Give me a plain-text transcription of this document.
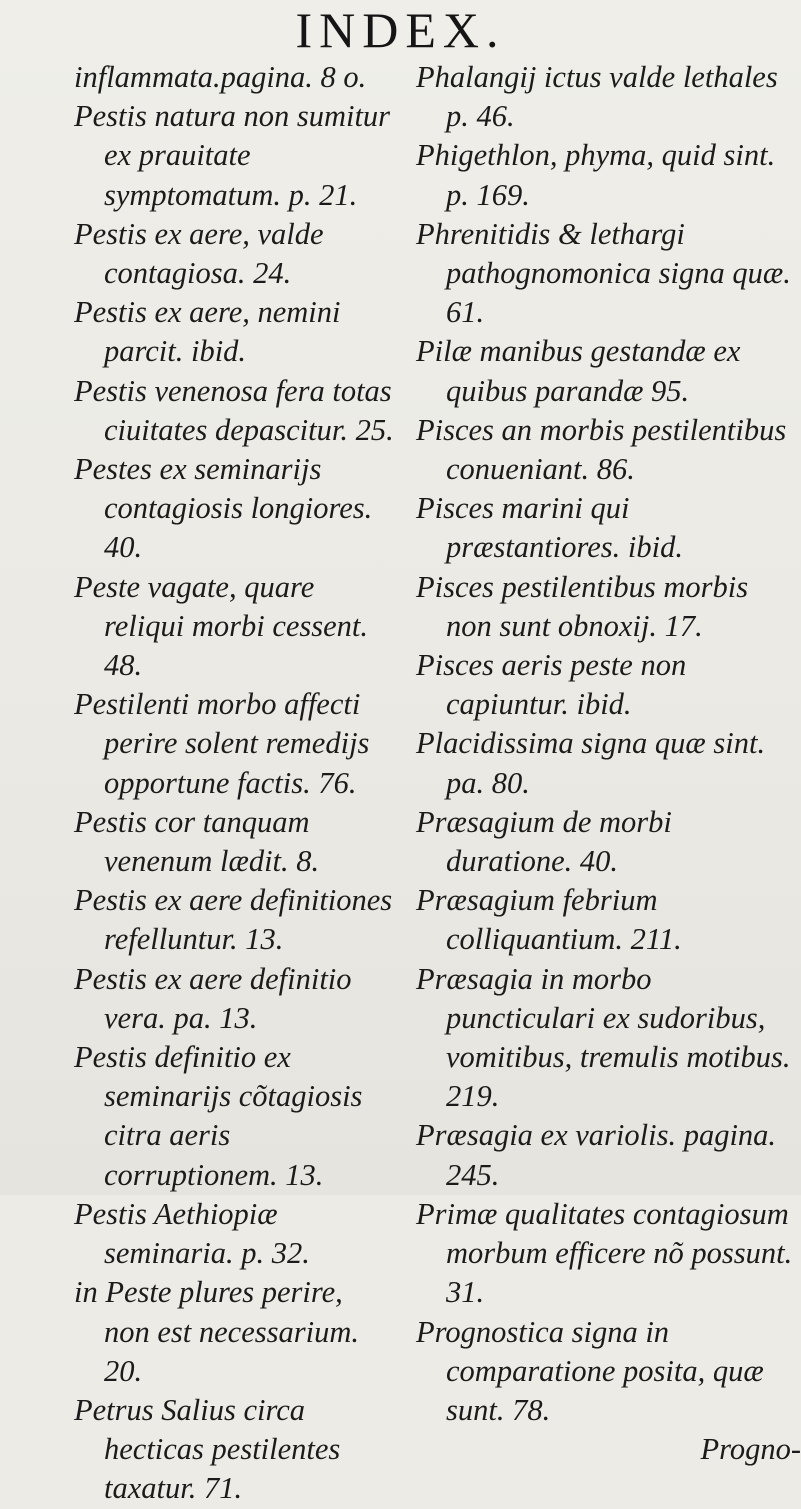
INDEX.

inflammata.pagina. 8 o.

Pestis natura non sumitur ex prauitate symptomatum. p. 21.

Pestis ex aere, valde contagiosa. 24.

Pestis ex aere, nemini parcit. ibid.

Pestis venenosa fera totas ciuitates depascitur. 25.

Pestes ex seminarijs contagiosis longiores. 40.

Peste vagate, quare reliqui morbi cessent. 48.

Pestilenti morbo affecti perire solent remedijs opportune factis. 76.

Pestis cor tanquam venenum lædit. 8.

Pestis ex aere definitiones refelluntur. 13.

Pestis ex aere definitio vera. pa. 13.

Pestis definitio ex seminarijs cõtagiosis citra aeris corruptionem. 13.

Pestis Aethiopiæ seminaria. p. 32.

in Peste plures perire, non est necessarium. 20.

Petrus Salius circa hecticas pestilentes taxatur. 71.

Phalangij ictus valde lethales p. 46.

Phigethlon, phyma, quid sint. p. 169.

Phrenitidis & lethargi pathognomonica signa quæ. 61.

Pilæ manibus gestandæ ex quibus parandæ 95.

Pisces an morbis pestilentibus conueniant. 86.

Pisces marini qui præstantiores. ibid.

Pisces pestilentibus morbis non sunt obnoxij. 17.

Pisces aeris peste non capiuntur. ibid.

Placidissima signa quæ sint. pa. 80.

Præsagium de morbi duratione. 40.

Præsagium febrium colliquantium. 211.

Præsagia in morbo puncticulari ex sudoribus, vomitibus, tremulis motibus. 219.

Præsagia ex variolis. pagina. 245.

Primæ qualitates contagiosum morbum efficere nõ possunt. 31.

Prognostica signa in comparatione posita, quæ sunt. 78.

Progno-
